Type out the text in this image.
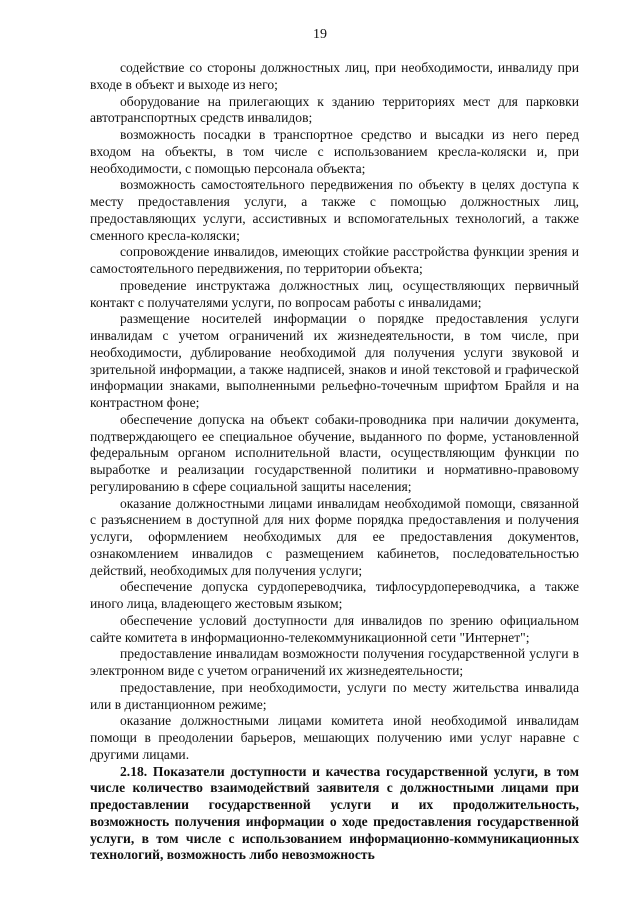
19

содействие со стороны должностных лиц, при необходимости, инвалиду при входе в объект и выходе из него;

оборудование на прилегающих к зданию территориях мест для парковки автотранспортных средств инвалидов;

возможность посадки в транспортное средство и высадки из него перед входом на объекты, в том числе с использованием кресла-коляски и, при необходимости, с помощью персонала объекта;

возможность самостоятельного передвижения по объекту в целях доступа к месту предоставления услуги, а также с помощью должностных лиц, предоставляющих услуги, ассистивных и вспомогательных технологий, а также сменного кресла-коляски;

сопровождение инвалидов, имеющих стойкие расстройства функции зрения и самостоятельного передвижения, по территории объекта;

проведение инструктажа должностных лиц, осуществляющих первичный контакт с получателями услуги, по вопросам работы с инвалидами;

размещение носителей информации о порядке предоставления услуги инвалидам с учетом ограничений их жизнедеятельности, в том числе, при необходимости, дублирование необходимой для получения услуги звуковой и зрительной информации, а также надписей, знаков и иной текстовой и графической информации знаками, выполненными рельефно-точечным шрифтом Брайля и на контрастном фоне;

обеспечение допуска на объект собаки-проводника при наличии документа, подтверждающего ее специальное обучение, выданного по форме, установленной федеральным органом исполнительной власти, осуществляющим функции по выработке и реализации государственной политики и нормативно-правовому регулированию в сфере социальной защиты населения;

оказание должностными лицами инвалидам необходимой помощи, связанной с разъяснением в доступной для них форме порядка предоставления и получения услуги, оформлением необходимых для ее предоставления документов, ознакомлением инвалидов с размещением кабинетов, последовательностью действий, необходимых для получения услуги;

обеспечение допуска сурдопереводчика, тифлосурдопереводчика, а также иного лица, владеющего жестовым языком;

обеспечение условий доступности для инвалидов по зрению официальном сайте комитета в информационно-телекоммуникационной сети "Интернет";

предоставление инвалидам возможности получения государственной услуги в электронном виде с учетом ограничений их жизнедеятельности;

предоставление, при необходимости, услуги по месту жительства инвалида или в дистанционном режиме;

оказание должностными лицами комитета иной необходимой инвалидам помощи в преодолении барьеров, мешающих получению ими услуг наравне с другими лицами.

2.18. Показатели доступности и качества государственной услуги, в том числе количество взаимодействий заявителя с должностными лицами при предоставлении государственной услуги и их продолжительность, возможность получения информации о ходе предоставления государственной услуги, в том числе с использованием информационно-коммуникационных технологий, возможность либо невозможность
